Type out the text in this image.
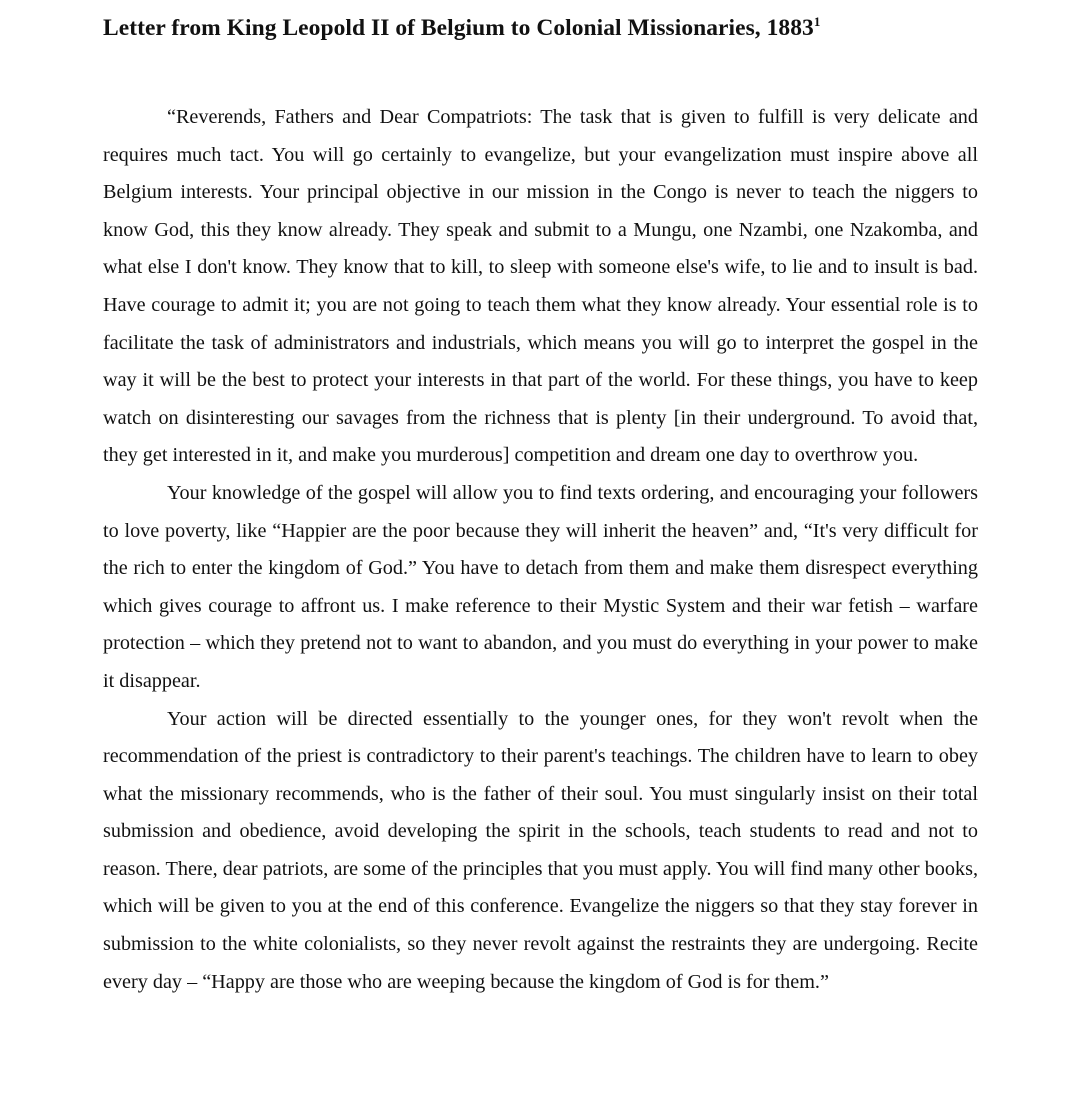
Letter from King Leopold II of Belgium to Colonial Missionaries, 1883$^1$

“Reverends, Fathers and Dear Compatriots: The task that is given to fulfill is very delicate and requires much tact. You will go certainly to evangelize, but your evangelization must inspire above all Belgium interests. Your principal objective in our mission in the Congo is never to teach the niggers to know God, this they know already. They speak and submit to a Mungu, one Nzambi, one Nzakomba, and what else I don't know. They know that to kill, to sleep with someone else's wife, to lie and to insult is bad. Have courage to admit it; you are not going to teach them what they know already. Your essential role is to facilitate the task of administrators and industrials, which means you will go to interpret the gospel in the way it will be the best to protect your interests in that part of the world. For these things, you have to keep watch on disinteresting our savages from the richness that is plenty [in their underground. To avoid that, they get interested in it, and make you murderous] competition and dream one day to overthrow you.

Your knowledge of the gospel will allow you to find texts ordering, and encouraging your followers to love poverty, like “Happier are the poor because they will inherit the heaven” and, “It's very difficult for the rich to enter the kingdom of God.” You have to detach from them and make them disrespect everything which gives courage to affront us. I make reference to their Mystic System and their war fetish – warfare protection – which they pretend not to want to abandon, and you must do everything in your power to make it disappear.

Your action will be directed essentially to the younger ones, for they won't revolt when the recommendation of the priest is contradictory to their parent's teachings. The children have to learn to obey what the missionary recommends, who is the father of their soul. You must singularly insist on their total submission and obedience, avoid developing the spirit in the schools, teach students to read and not to reason. There, dear patriots, are some of the principles that you must apply. You will find many other books, which will be given to you at the end of this conference. Evangelize the niggers so that they stay forever in submission to the white colonialists, so they never revolt against the restraints they are undergoing. Recite every day – “Happy are those who are weeping because the kingdom of God is for them.”
